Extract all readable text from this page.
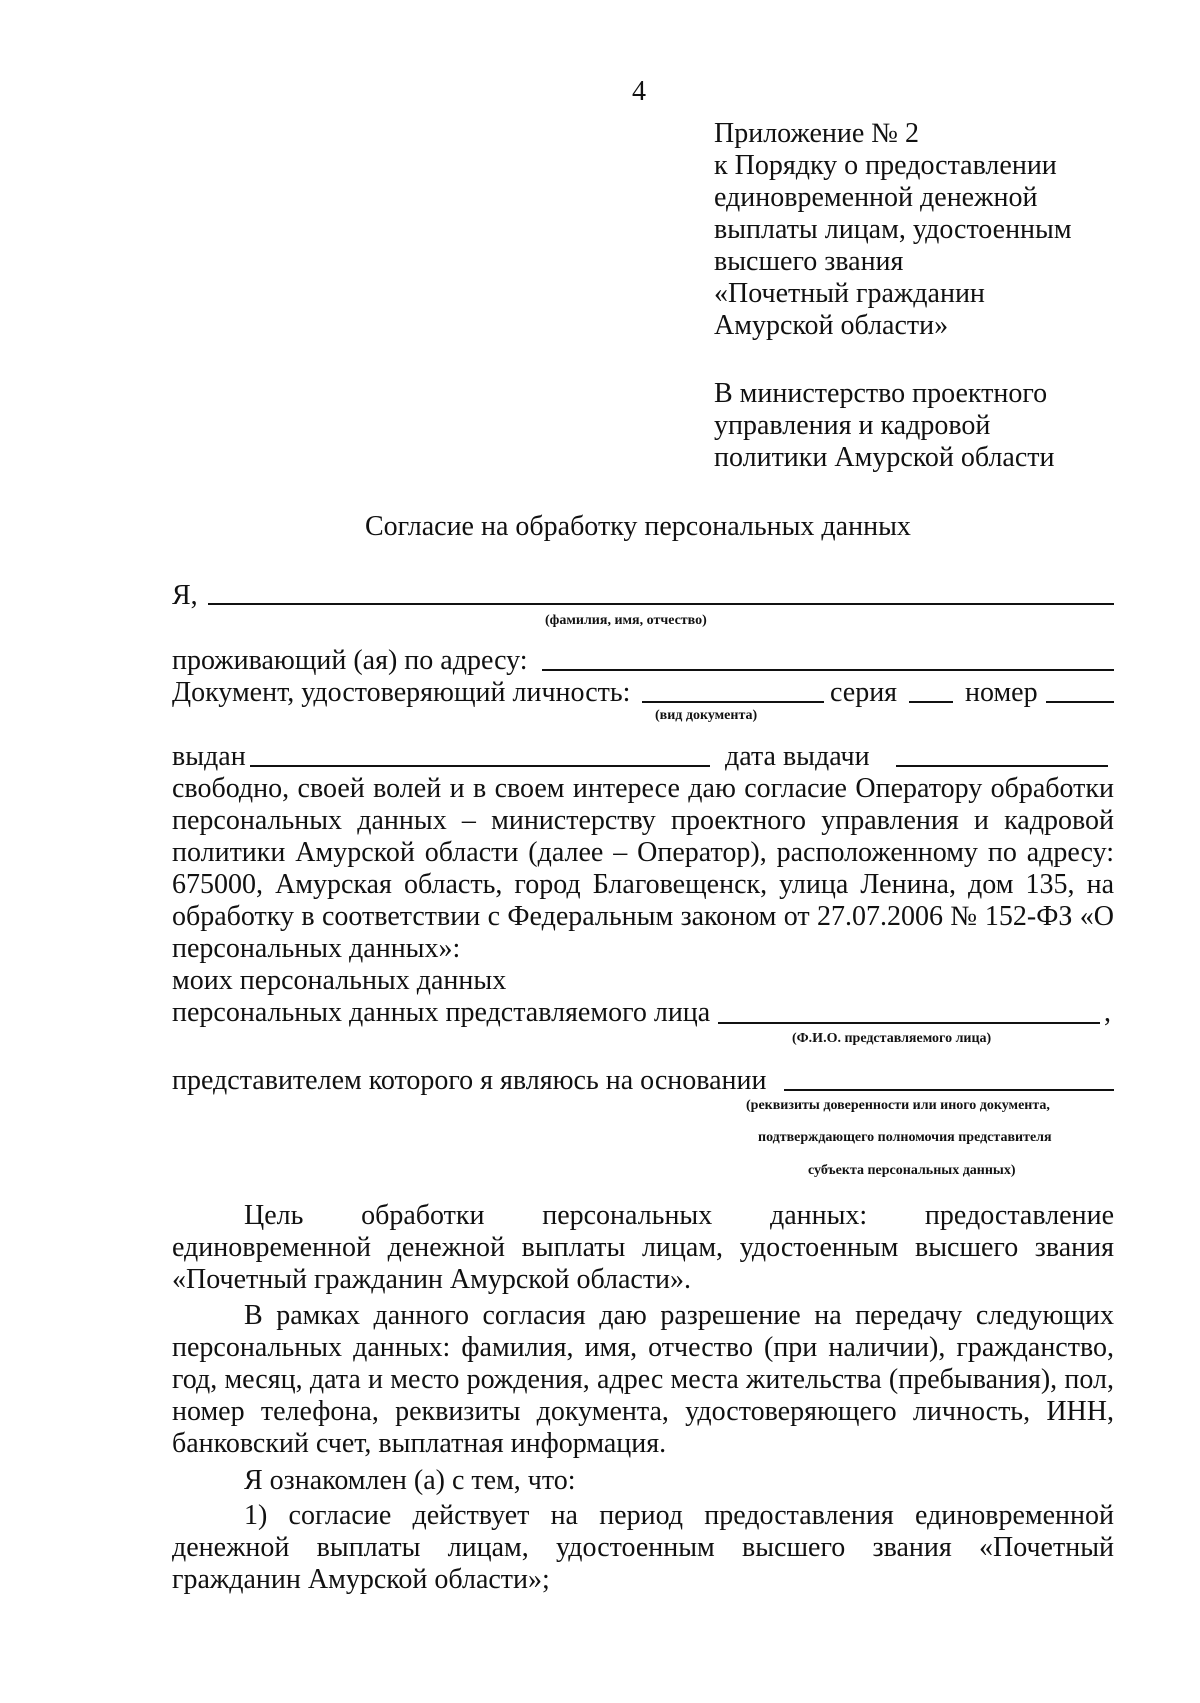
4
Приложение № 2
к Порядку о предоставлении
единовременной денежной
выплаты лицам, удостоенным
высшего звания
«Почетный гражданин
Амурской области»
В министерство проектного
управления и кадровой
политики Амурской области
Согласие на обработку персональных данных
Я,
(фамилия, имя, отчество)
проживающий (ая) по адресу:
Документ, удостоверяющий личность:	серия номер
(вид документа)
выдан	дата выдачи
свободно, своей волей и в своем интересе даю согласие Оператору обработки
персональных данных – министерству проектного управления и кадровой
политики Амурской области (далее – Оператор), расположенному по адресу:
675000, Амурская область, город Благовещенск, улица Ленина, дом 135, на
обработку в соответствии с Федеральным законом от 27.07.2006 № 152-ФЗ «О
персональных данных»:
моих персональных данных
персональных данных представляемого лица	,
(Ф.И.О. представляемого лица)
представителем которого я являюсь на основании
(реквизиты доверенности или иного документа,
подтверждающего полномочия представителя
субъекта персональных данных)
Цель обработки персональных данных: предоставление
единовременной денежной выплаты лицам, удостоенным высшего звания
«Почетный гражданин Амурской области».
В рамках данного согласия даю разрешение на передачу следующих
персональных данных: фамилия, имя, отчество (при наличии), гражданство,
год, месяц, дата и место рождения, адрес места жительства (пребывания), пол,
номер телефона, реквизиты документа, удостоверяющего личность, ИНН,
банковский счет, выплатная информация.
Я ознакомлен (а) с тем, что:
1) согласие действует на период предоставления единовременной
денежной выплаты лицам, удостоенным высшего звания «Почетный
гражданин Амурской области»;
